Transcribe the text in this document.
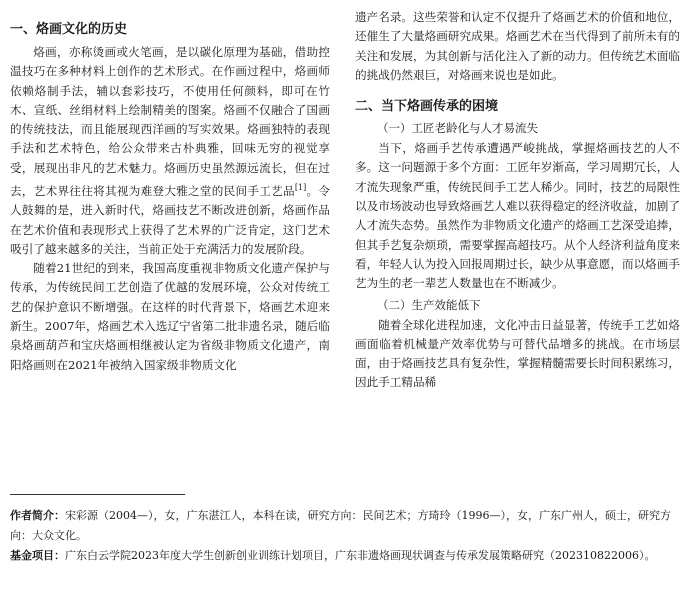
一、烙画文化的历史

烙画，亦称烫画或火笔画，是以碳化原理为基础，借助控温技巧在多种材料上创作的艺术形式。在作画过程中，烙画师依赖烙制手法，辅以套彩技巧，不使用任何颜料，即可在竹木、宣纸、丝绢材料上绘制精美的图案。烙画不仅融合了国画的传统技法，而且能展现西洋画的写实效果。烙画独特的表现手法和艺术特色，给公众带来古朴典雅，回味无穷的视觉享受，展现出非凡的艺术魅力。烙画历史虽然源远流长，但在过去，艺术界往往将其视为难登大雅之堂的民间手工艺品[1]。令人鼓舞的是，进入新时代，烙画技艺不断改进创新，烙画作品在艺术价值和表现形式上获得了艺术界的广泛肯定，这门艺术吸引了越来越多的关注，当前正处于充满活力的发展阶段。

随着21世纪的到来，我国高度重视非物质文化遗产保护与传承，为传统民间工艺创造了优越的发展环境，公众对传统工艺的保护意识不断增强。在这样的时代背景下，烙画艺术迎来新生。2007年，烙画艺术入选辽宁省第二批非遗名录，随后临泉烙画葫芦和宝庆烙画相继被认定为省级非物质文化遗产，南阳烙画则在2021年被纳入国家级非物质文化

遗产名录。这些荣誉和认定不仅提升了烙画艺术的价值和地位，还催生了大量烙画研究成果。烙画艺术在当代得到了前所未有的关注和发展，为其创新与活化注入了新的动力。但传统艺术面临的挑战仍然艰巨，对烙画来说也是如此。

二、当下烙画传承的困境
（一）工匠老龄化与人才易流失

当下，烙画手艺传承遭遇严峻挑战，掌握烙画技艺的人不多。这一问题源于多个方面：工匠年岁渐高，学习周期冗长，人才流失现象严重，传统民间手工艺人稀少。同时，技艺的局限性以及市场波动也导致烙画艺人难以获得稳定的经济收益，加剧了人才流失态势。虽然作为非物质文化遗产的烙画工艺深受追捧，但其手艺复杂烦琐，需要掌握高超技巧。从个人经济利益角度来看，年轻人认为投入回报周期过长，缺少从事意愿，而以烙画手艺为生的老一辈艺人数量也在不断减少。

（二）生产效能低下

随着全球化进程加速，文化冲击日益显著，传统手工艺如烙画面临着机械量产效率优势与可替代品增多的挑战。在市场层面，由于烙画技艺具有复杂性，掌握精髓需要长时间积累练习，因此手工精品稀

作者简介：宋彩源（2004—），女，广东湛江人，本科在读，研究方向：民间艺术；方琦玲（1996—），女，广东广州人，硕士，研究方向：大众文化。
基金项目：广东白云学院2023年度大学生创新创业训练计划项目，广东非遗烙画现状调查与传承发展策略研究（202310822006）。
